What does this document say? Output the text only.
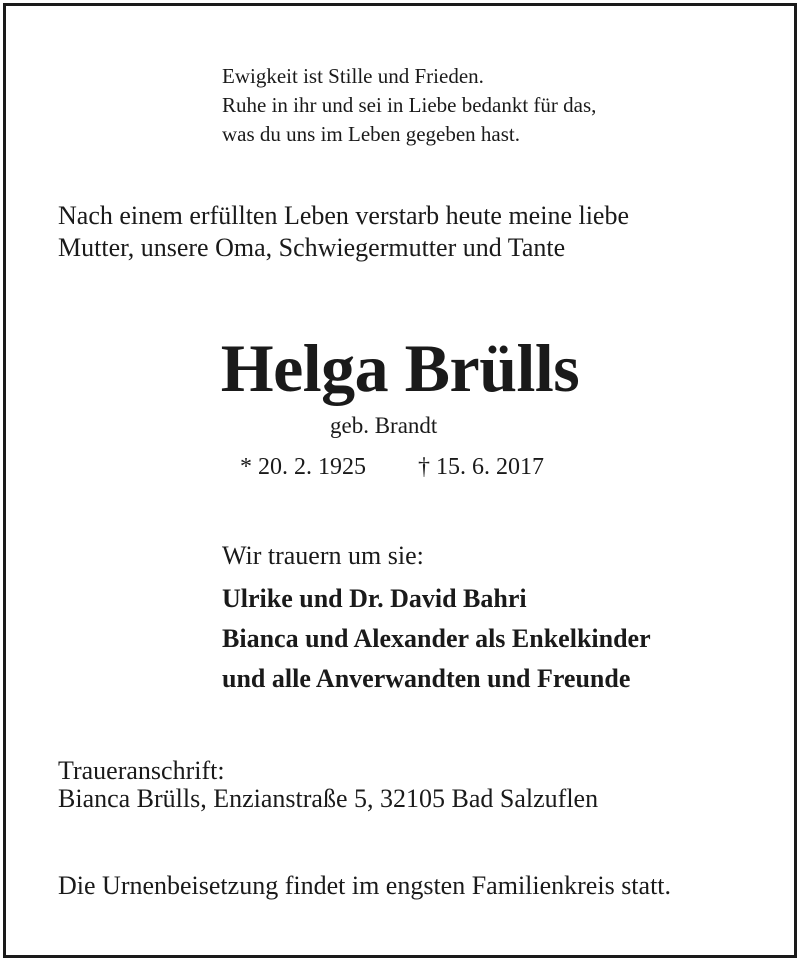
Ewigkeit ist Stille und Frieden.
Ruhe in ihr und sei in Liebe bedankt für das,
was du uns im Leben gegeben hast.
Nach einem erfüllten Leben verstarb heute meine liebe
Mutter, unsere Oma, Schwiegermutter und Tante
Helga Brülls
geb. Brandt
* 20. 2. 1925 † 15. 6. 2017
Wir trauern um sie:
Ulrike und Dr. David Bahri
Bianca und Alexander als Enkelkinder
und alle Anverwandten und Freunde
Traueranschrift:
Bianca Brülls, Enzianstraße 5, 32105 Bad Salzuflen
Die Urnenbeisetzung findet im engsten Familienkreis statt.
